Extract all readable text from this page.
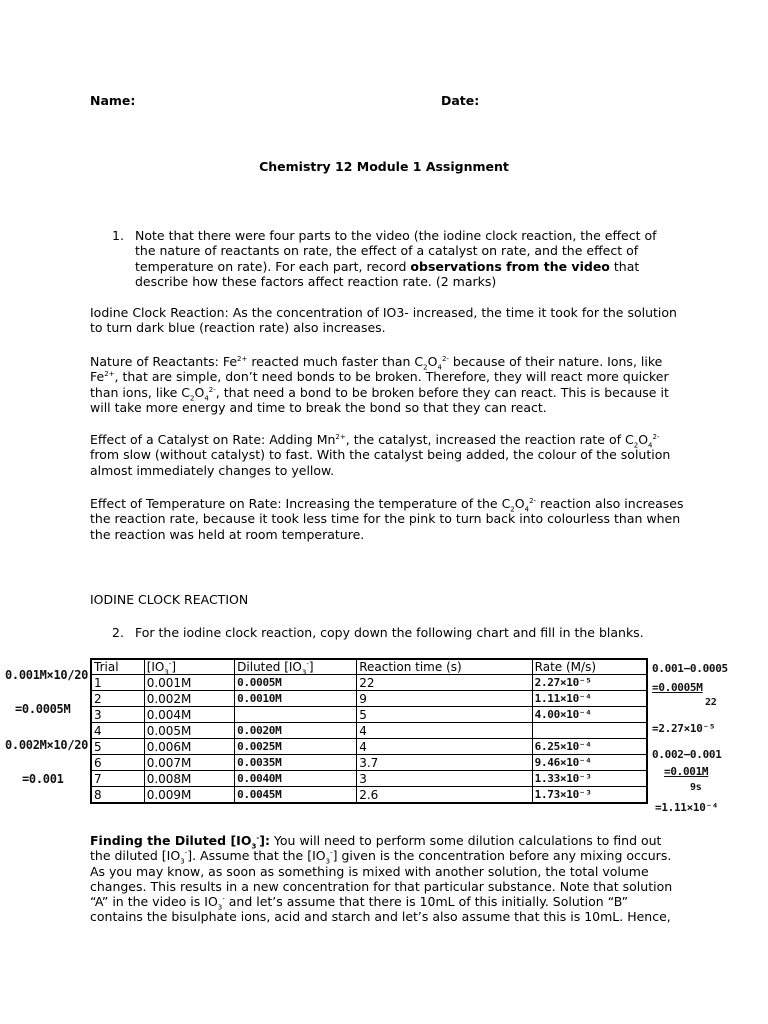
Name:	Date:
Chemistry 12 Module 1 Assignment
1. Note that there were four parts to the video (the iodine clock reaction, the effect of the nature of reactants on rate, the effect of a catalyst on rate, and the effect of temperature on rate). For each part, record observations from the video that describe how these factors affect reaction rate. (2 marks)
Iodine Clock Reaction: As the concentration of IO3- increased, the time it took for the solution to turn dark blue (reaction rate) also increases.
Nature of Reactants: $Fe^{2+}$ reacted much faster than $C_2O_4^{2-}$ because of their nature. Ions, like $Fe^{2+}$, that are simple, don’t need bonds to be broken. Therefore, they will react more quicker than ions, like $C_2O_4^{2-}$, that need a bond to be broken before they can react. This is because it will take more energy and time to break the bond so that they can react.
Effect of a Catalyst on Rate: Adding $Mn^{2+}$, the catalyst, increased the reaction rate of $C_2O_4^{2-}$ from slow (without catalyst) to fast. With the catalyst being added, the colour of the solution almost immediately changes to yellow.
Effect of Temperature on Rate: Increasing the temperature of the $C_2O_4^{2-}$ reaction also increases the reaction rate, because it took less time for the pink to turn back into colourless than when the reaction was held at room temperature.
IODINE CLOCK REACTION
2. For the iodine clock reaction, copy down the following chart and fill in the blanks.
0.001M×10/20
=0.0005M
0.002M×10/20
=0.001
0.001−0.0005
=0.0005M
22
=2.27×10⁻⁵
0.002−0.001
=0.001M
9s
=1.11×10⁻⁴
Trial	$[IO_3^-]$	Diluted $[IO_3^-]$	Reaction time (s)	Rate (M/s)
1	0.001M	0.0005M	22	2.27×10⁻⁵
2	0.002M	0.0010M	9	1.11×10⁻⁴
3	0.004M		5	4.00×10⁻⁴
4	0.005M	0.0020M	4	
5	0.006M	0.0025M	4	6.25×10⁻⁴
6	0.007M	0.0035M	3.7	9.46×10⁻⁴
7	0.008M	0.0040M	3	1.33×10⁻³
8	0.009M	0.0045M	2.6	1.73×10⁻³
Finding the Diluted $[IO_3^-]$: You will need to perform some dilution calculations to find out the diluted $[IO_3^-]$. Assume that the $[IO_3^-]$ given is the concentration before any mixing occurs. As you may know, as soon as something is mixed with another solution, the total volume changes. This results in a new concentration for that particular substance. Note that solution “A” in the video is $IO_3^-$ and let’s assume that there is 10mL of this initially. Solution “B” contains the bisulphate ions, acid and starch and let’s also assume that this is 10mL. Hence,
